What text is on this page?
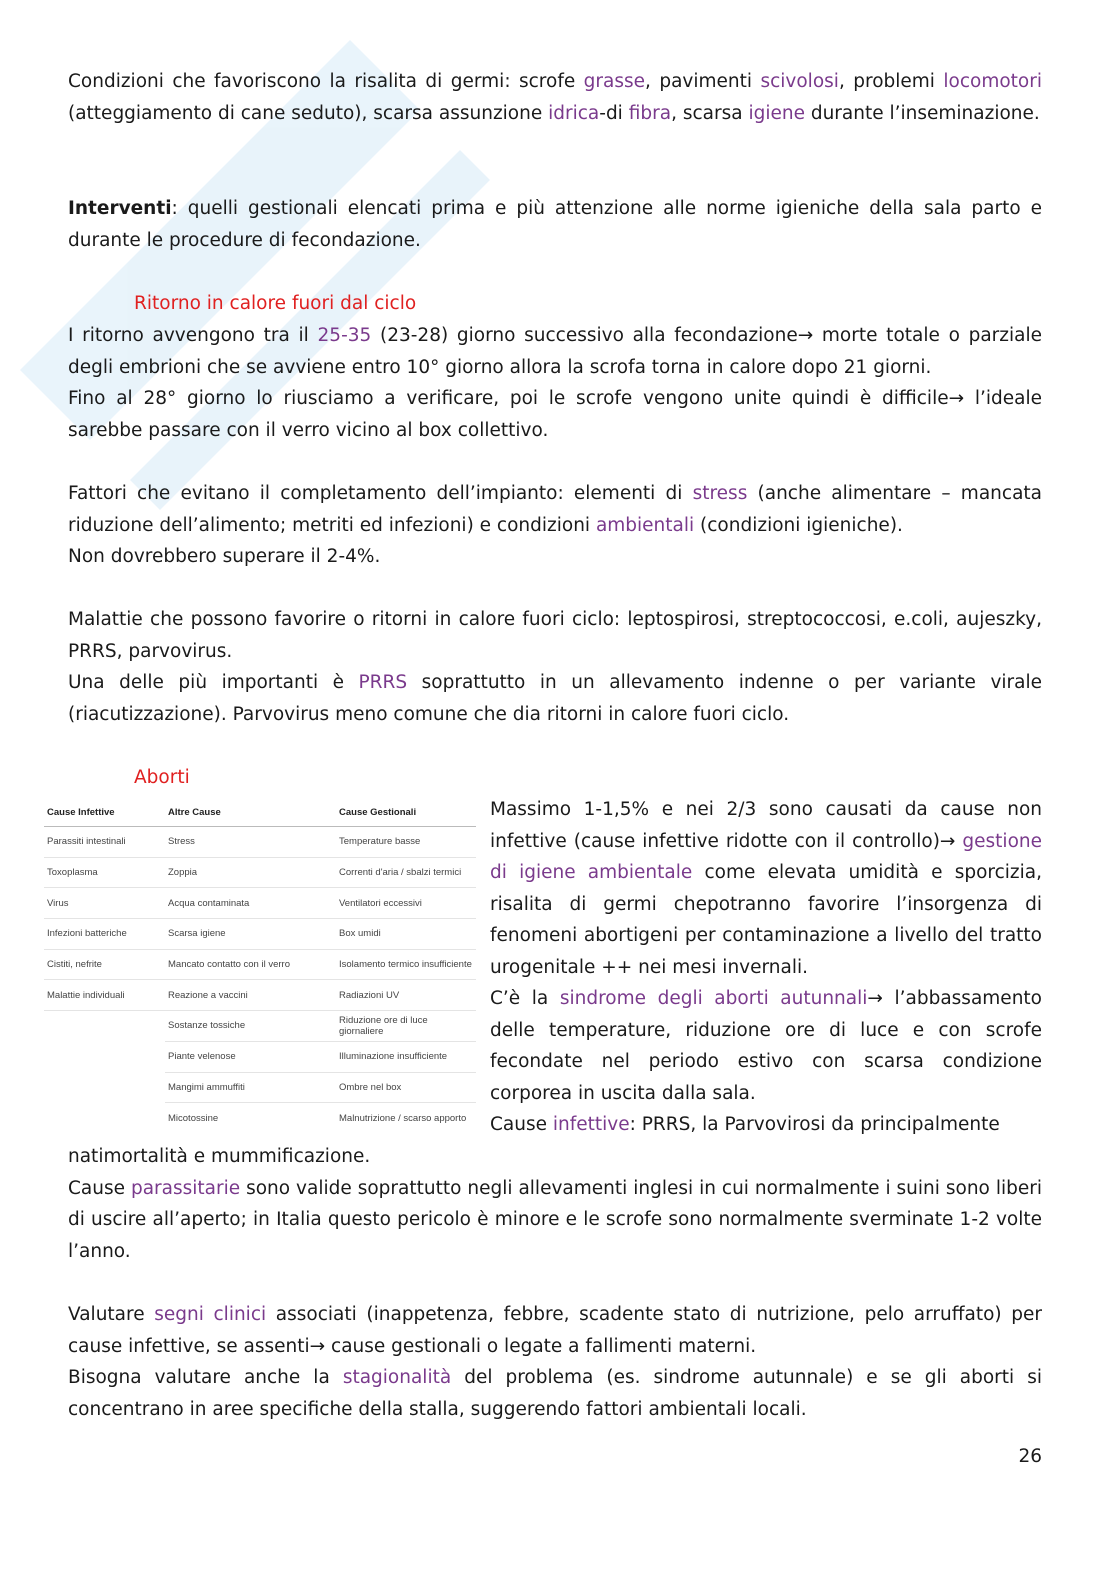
Condizioni che favoriscono la risalita di germi: scrofe grasse, pavimenti scivolosi, problemi locomotori (atteggiamento di cane seduto), scarsa assunzione idrica-di fibra, scarsa igiene durante l’inseminazione.

Interventi: quelli gestionali elencati prima e più attenzione alle norme igieniche della sala parto e durante le procedure di fecondazione.

Ritorno in calore fuori dal ciclo

I ritorno avvengono tra il 25-35 (23-28) giorno successivo alla fecondazione→ morte totale o parziale degli embrioni che se avviene entro 10° giorno allora la scrofa torna in calore dopo 21 giorni.
Fino al 28° giorno lo riusciamo a verificare, poi le scrofe vengono unite quindi è difficile→ l’ideale sarebbe passare con il verro vicino al box collettivo.

Fattori che evitano il completamento dell’impianto: elementi di stress (anche alimentare – mancata riduzione dell’alimento; metriti ed infezioni) e condizioni ambientali (condizioni igieniche).
Non dovrebbero superare il 2-4%.

Malattie che possono favorire o ritorni in calore fuori ciclo: leptospirosi, streptococcosi, e.coli, aujeszky, PRRS, parvovirus.
Una delle più importanti è PRRS soprattutto in un allevamento indenne o per variante virale (riacutizzazione). Parvovirus meno comune che dia ritorni in calore fuori ciclo.

Aborti

Cause Infettive	Altre Cause	Cause Gestionali
Parassiti intestinali	Stress	Temperature basse
Toxoplasma	Zoppia	Correnti d'aria / sbalzi termici
Virus	Acqua contaminata	Ventilatori eccessivi
Infezioni batteriche	Scarsa igiene	Box umidi
Cistiti, nefrite	Mancato contatto con il verro	Isolamento termico insufficiente
Malattie individuali	Reazione a vaccini	Radiazioni UV
	Sostanze tossiche	Riduzione ore di luce giornaliere
	Piante velenose	Illuminazione insufficiente
	Mangimi ammuffiti	Ombre nel box
	Micotossine	Malnutrizione / scarso apporto

Massimo 1-1,5% e nei 2/3 sono causati da cause non infettive (cause infettive ridotte con il controllo)→ gestione di igiene ambientale come elevata umidità e sporcizia, risalita di germi chepotranno favorire l’insorgenza di fenomeni abortigeni per contaminazione a livello del tratto urogenitale ++ nei mesi invernali.
C’è la sindrome degli aborti autunnali→ l’abbassamento delle temperature, riduzione ore di luce e con scrofe fecondate nel periodo estivo con scarsa condizione corporea in uscita dalla sala.
Cause infettive: PRRS, la Parvovirosi da principalmente

natimortalità e mummificazione.
Cause parassitarie sono valide soprattutto negli allevamenti inglesi in cui normalmente i suini sono liberi di uscire all’aperto; in Italia questo pericolo è minore e le scrofe sono normalmente sverminate 1-2 volte l’anno.

Valutare segni clinici associati (inappetenza, febbre, scadente stato di nutrizione, pelo arruffato) per cause infettive, se assenti→ cause gestionali o legate a fallimenti materni.
Bisogna valutare anche la stagionalità del problema (es. sindrome autunnale) e se gli aborti si concentrano in aree specifiche della stalla, suggerendo fattori ambientali locali.

26
